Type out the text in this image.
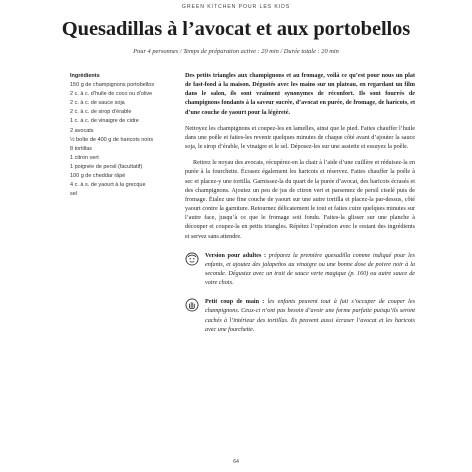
GREEN KITCHEN POUR LES KIDS
Quesadillas à l’avocat et aux portobellos
Pour 4 personnes / Temps de préparation active : 20 min / Durée totale : 20 min
Ingrédients
150 g de champignons portobellos
2 c. à c. d’huile de coco ou d’olive
2 c. à c. de sauce soja
2 c. à c. de sirop d’érable
1 c. à c. de vinaigre de cidre
2 avocats
½ boîte de 400 g de haricots noirs
8 tortillas
1 citron vert
1 poignée de persil (facultatif)
100 g de cheddar râpé
4 c. à s. de yaourt à la grecque
sel

Des petits triangles aux champignons et au fromage, voilà ce qu’est pour nous un plat de fast-food à la maison. Dégustés avec les mains sur un plateau, en regardant un film dans le salon, ils sont vraiment synonymes de réconfort. Ils sont fourrés de champignons fondants à la saveur sucrée, d’avocat en purée, de fromage, de haricots, et d’une couche de yaourt pour la légèreté.

Nettoyez les champignons et coupez-les en lamelles, ainsi que le pied. Faites chauffer l’huile dans une poêle et faites-les revenir quelques minutes de chaque côté avant d’ajouter la sauce soja, le sirop d’érable, le vinaigre et le sel. Déposez-les sur une assiette et essuyez la poêle.

Retirez le noyau des avocats, récupérez-en la chair à l’aide d’une cuillère et réduisez-la en purée à la fourchette. Écrasez également les haricots et réservez. Faites chauffer la poêle à sec et placez-y une tortilla. Garnissez-la du quart de la purée d’avocat, des haricots écrasés et des champignons. Ajoutez un peu de jus de citron vert et parsemez de persil ciselé puis de fromage. Étalez une fine couche de yaourt sur une autre tortilla et placez-la par-dessus, côté yaourt contre la garniture. Retournez délicatement le tout et faites cuire quelques minutes sur l’autre face, jusqu’à ce que le fromage soit fondu. Faites-la glisser sur une planche à découper et coupez-la en petits triangles. Répétez l’opération avec le restant des ingrédients et servez sans attendre.

Version pour adultes : préparez la première quesadilla comme indiqué pour les enfants, et ajoutez des jalapeños au vinaigre ou une bonne dose de poivre noir à la seconde. Dégustez avec un trait de sauce verte magique (p. 160) ou autre sauce de votre choix.
Petit coup de main : les enfants peuvent tout à fait s’occuper de couper les champignons. Ceux-ci n’ont pas besoin d’avoir une forme parfaite puisqu’ils seront cachés à l’intérieur des tortillas. Ils peuvent aussi écraser l’avocat et les haricots avec une fourchette.
64
